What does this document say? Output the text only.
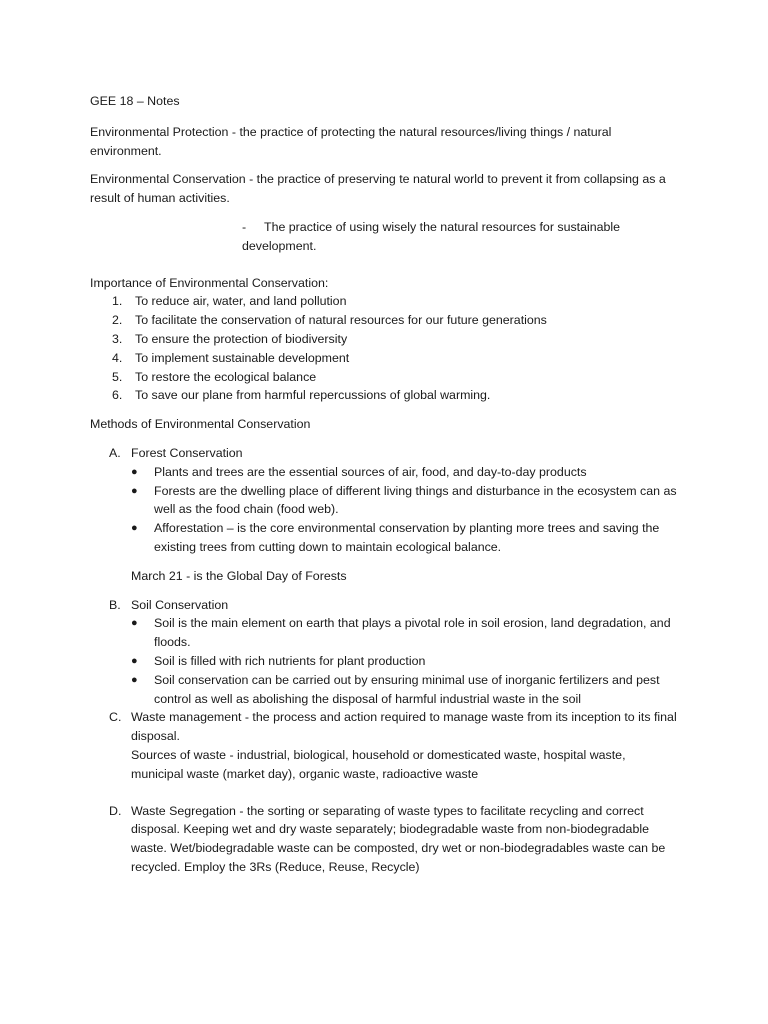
GEE 18 – Notes

Environmental Protection - the practice of protecting the natural resources/living things / natural environment.

Environmental Conservation - the practice of preserving te natural world to prevent it from collapsing as a result of human activities.

- The practice of using wisely the natural resources for sustainable development.

Importance of Environmental Conservation:

1. To reduce air, water, and land pollution
2. To facilitate the conservation of natural resources for our future generations
3. To ensure the protection of biodiversity
4. To implement sustainable development
5. To restore the ecological balance
6. To save our plane from harmful repercussions of global warming.

Methods of Environmental Conservation

A. Forest Conservation

● Plants and trees are the essential sources of air, food, and day-to-day products
● Forests are the dwelling place of different living things and disturbance in the ecosystem can as well as the food chain (food web).
● Afforestation – is the core environmental conservation by planting more trees and saving the existing trees from cutting down to maintain ecological balance.

March 21 - is the Global Day of Forests

B. Soil Conservation

● Soil is the main element on earth that plays a pivotal role in soil erosion, land degradation, and floods.
● Soil is filled with rich nutrients for plant production
● Soil conservation can be carried out by ensuring minimal use of inorganic fertilizers and pest control as well as abolishing the disposal of harmful industrial waste in the soil
C. Waste management - the process and action required to manage waste from its inception to its final disposal.

Sources of waste - industrial, biological, household or domesticated waste, hospital waste, municipal waste (market day), organic waste, radioactive waste

D. Waste Segregation - the sorting or separating of waste types to facilitate recycling and correct disposal. Keeping wet and dry waste separately; biodegradable waste from non-biodegradable waste. Wet/biodegradable waste can be composted, dry wet or non-biodegradables waste can be recycled. Employ the 3Rs (Reduce, Reuse, Recycle)
